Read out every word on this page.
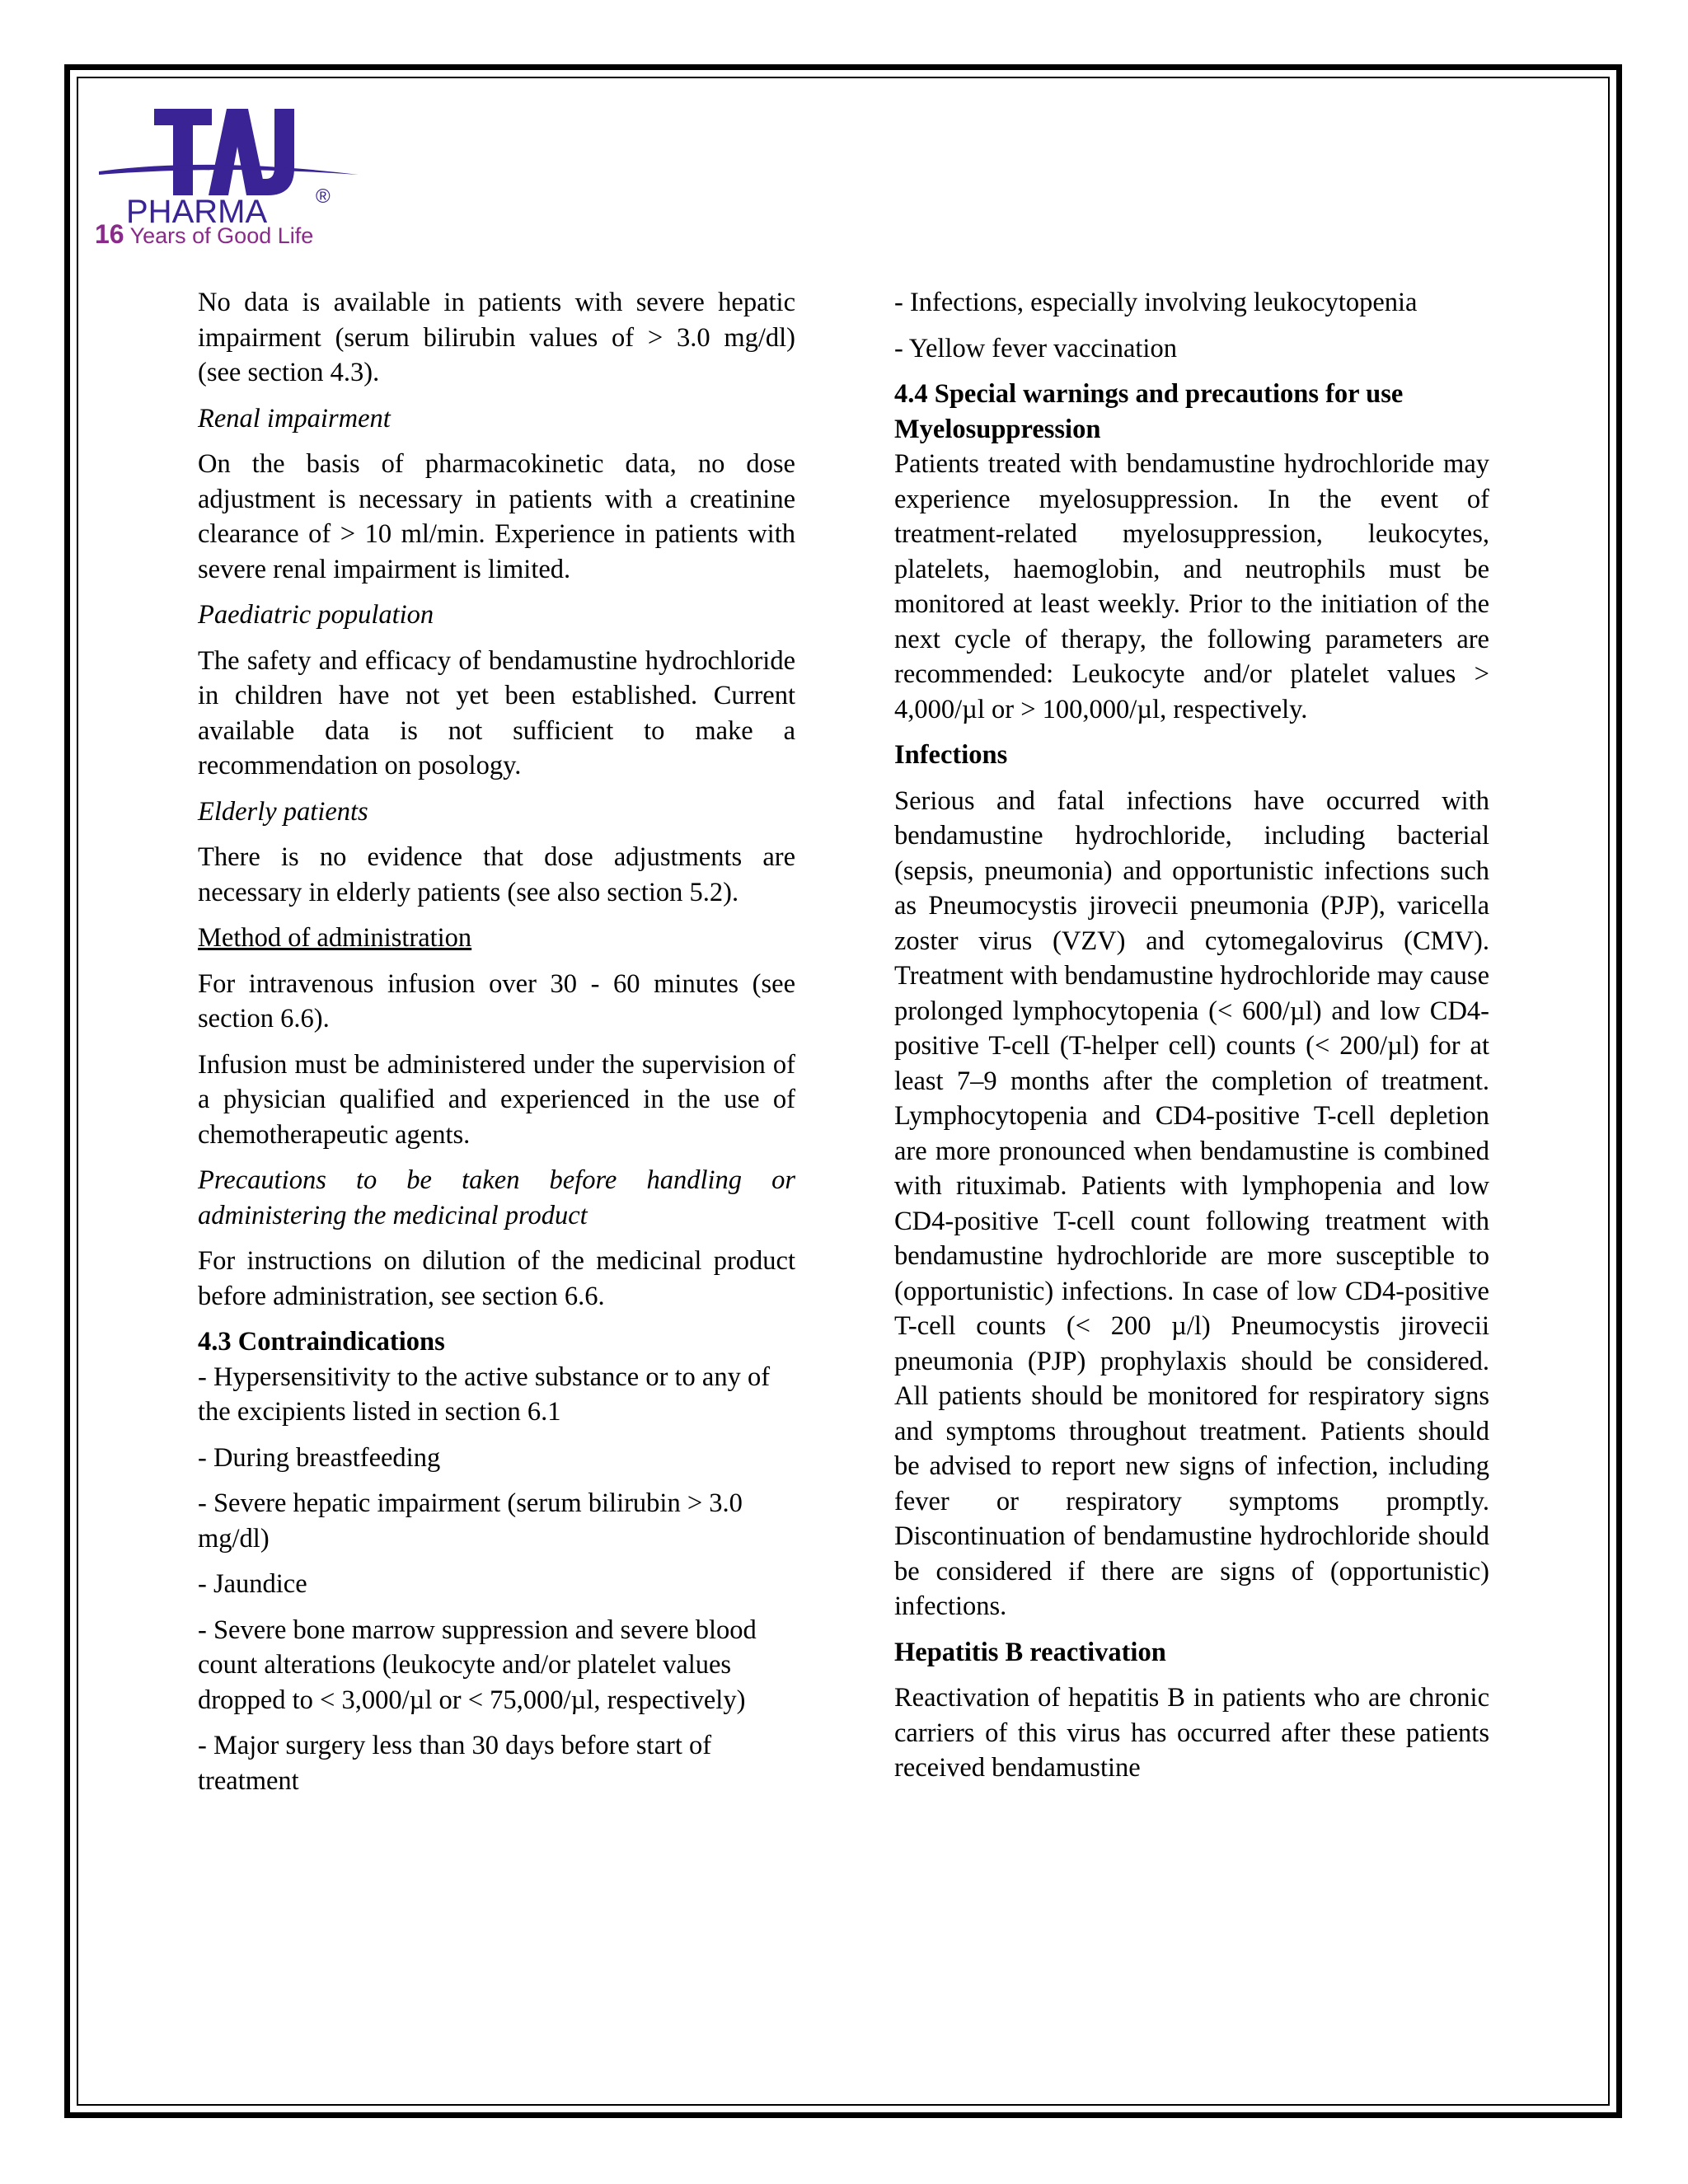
PHARMA ®
16 Years of Good Life

No data is available in patients with severe hepatic impairment (serum bilirubin values of > 3.0 mg/dl) (see section 4.3).

Renal impairment

On the basis of pharmacokinetic data, no dose adjustment is necessary in patients with a creatinine clearance of > 10 ml/min. Experience in patients with severe renal impairment is limited.

Paediatric population

The safety and efficacy of bendamustine hydrochloride in children have not yet been established. Current available data is not sufficient to make a recommendation on posology.

Elderly patients

There is no evidence that dose adjustments are necessary in elderly patients (see also section 5.2).

Method of administration

For intravenous infusion over 30 - 60 minutes (see section 6.6).

Infusion must be administered under the supervision of a physician qualified and experienced in the use of chemotherapeutic agents.

Precautions to be taken before handling or administering the medicinal product

For instructions on dilution of the medicinal product before administration, see section 6.6.

4.3 Contraindications

- Hypersensitivity to the active substance or to any of the excipients listed in section 6.1

- During breastfeeding

- Severe hepatic impairment (serum bilirubin > 3.0 mg/dl)

- Jaundice

- Severe bone marrow suppression and severe blood count alterations (leukocyte and/or platelet values dropped to < 3,000/µl or < 75,000/µl, respectively)

- Major surgery less than 30 days before start of treatment

- Infections, especially involving leukocytopenia

- Yellow fever vaccination

4.4 Special warnings and precautions for use

Myelosuppression

Patients treated with bendamustine hydrochloride may experience myelosuppression. In the event of treatment-related myelosuppression, leukocytes, platelets, haemoglobin, and neutrophils must be monitored at least weekly. Prior to the initiation of the next cycle of therapy, the following parameters are recommended: Leukocyte and/or platelet values > 4,000/µl or > 100,000/µl, respectively.

Infections

Serious and fatal infections have occurred with bendamustine hydrochloride, including bacterial (sepsis, pneumonia) and opportunistic infections such as Pneumocystis jirovecii pneumonia (PJP), varicella zoster virus (VZV) and cytomegalovirus (CMV). Treatment with bendamustine hydrochloride may cause prolonged lymphocytopenia (< 600/µl) and low CD4-positive T-cell (T-helper cell) counts (< 200/µl) for at least 7–9 months after the completion of treatment. Lymphocytopenia and CD4-positive T-cell depletion are more pronounced when bendamustine is combined with rituximab. Patients with lymphopenia and low CD4-positive T-cell count following treatment with bendamustine hydrochloride are more susceptible to (opportunistic) infections. In case of low CD4-positive T-cell counts (< 200 µ/l) Pneumocystis jirovecii pneumonia (PJP) prophylaxis should be considered. All patients should be monitored for respiratory signs and symptoms throughout treatment. Patients should be advised to report new signs of infection, including fever or respiratory symptoms promptly. Discontinuation of bendamustine hydrochloride should be considered if there are signs of (opportunistic) infections.

Hepatitis B reactivation

Reactivation of hepatitis B in patients who are chronic carriers of this virus has occurred after these patients received bendamustine
